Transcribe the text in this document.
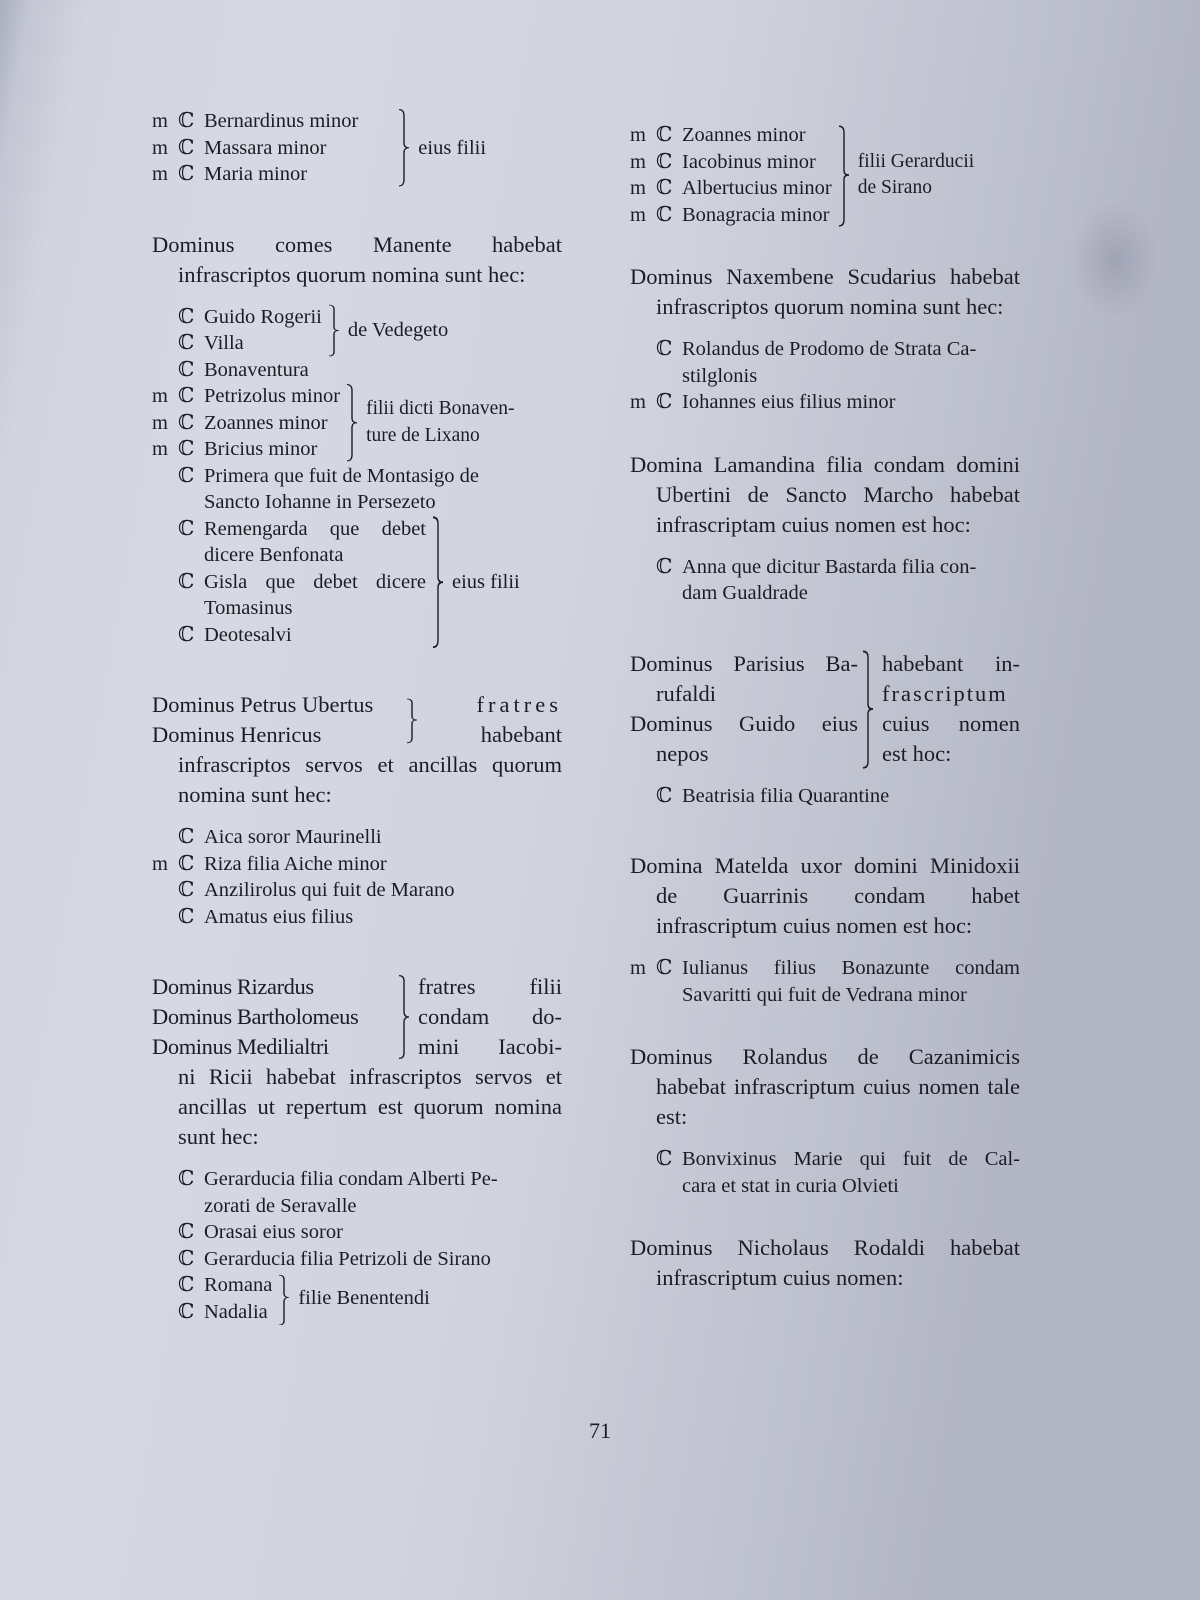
m ℂ Bernardinus minor
m ℂ Massara minor
m ℂ Maria minor
eius filii
Dominus comes Manente habebat infrascriptos quorum nomina sunt hec:
ℂ Guido Rogerii
ℂ Villa
de Vedegeto
ℂ Bonaventura
m ℂ Petrizolus minor
m ℂ Zoannes minor
m ℂ Bricius minor
filii dicti Bonaven-
ture de Lixano
ℂ Primera que fuit de Montasigo de
Sancto Iohanne in Persezeto
ℂ Remengarda que debet
dicere Benfonata
ℂ Gisla que debet dicere
Tomasinus
ℂ Deotesalvi
eius filii
Dominus Petrus Ubertus
Dominus Henricus
fratres
habebant
infrascriptos servos et ancillas quorum nomina sunt hec:
ℂ Aica soror Maurinelli
m ℂ Riza filia Aiche minor
ℂ Anzilirolus qui fuit de Marano
ℂ Amatus eius filius
Dominus Rizardus
Dominus Bartholomeus
Dominus Medilialtri
fratres filii
condam do-
mini Iacobi-
ni Ricii habebat infrascriptos servos et ancillas ut repertum est quorum nomina sunt hec:
ℂ Gerarducia filia condam Alberti Pe-
zorati de Seravalle
ℂ Orasai eius soror
ℂ Gerarducia filia Petrizoli de Sirano
ℂ Romana
ℂ Nadalia
filie Benentendi
m ℂ Zoannes minor
m ℂ Iacobinus minor
m ℂ Albertucius minor
m ℂ Bonagracia minor
filii Gerarducii
de Sirano
Dominus Naxembene Scudarius habebat infrascriptos quorum nomina sunt hec:
ℂ Rolandus de Prodomo de Strata Ca-
stilglonis
m ℂ Iohannes eius filius minor
Domina Lamandina filia condam domini Ubertini de Sancto Marcho habebat infrascriptam cuius nomen est hoc:
ℂ Anna que dicitur Bastarda filia con-
dam Gualdrade
Dominus Parisius Ba-
rufaldi
Dominus Guido eius
nepos
habebant in-
frascriptum
cuius nomen
est hoc:
ℂ Beatrisia filia Quarantine
Domina Matelda uxor domini Minidoxii de Guarrinis condam habet infrascriptum cuius nomen est hoc:
m ℂ Iulianus filius Bonazunte condam
Savaritti qui fuit de Vedrana minor
Dominus Rolandus de Cazanimicis habebat infrascriptum cuius nomen tale est:
ℂ Bonvixinus Marie qui fuit de Cal-
cara et stat in curia Olvieti
Dominus Nicholaus Rodaldi habebat infrascriptum cuius nomen:
71
